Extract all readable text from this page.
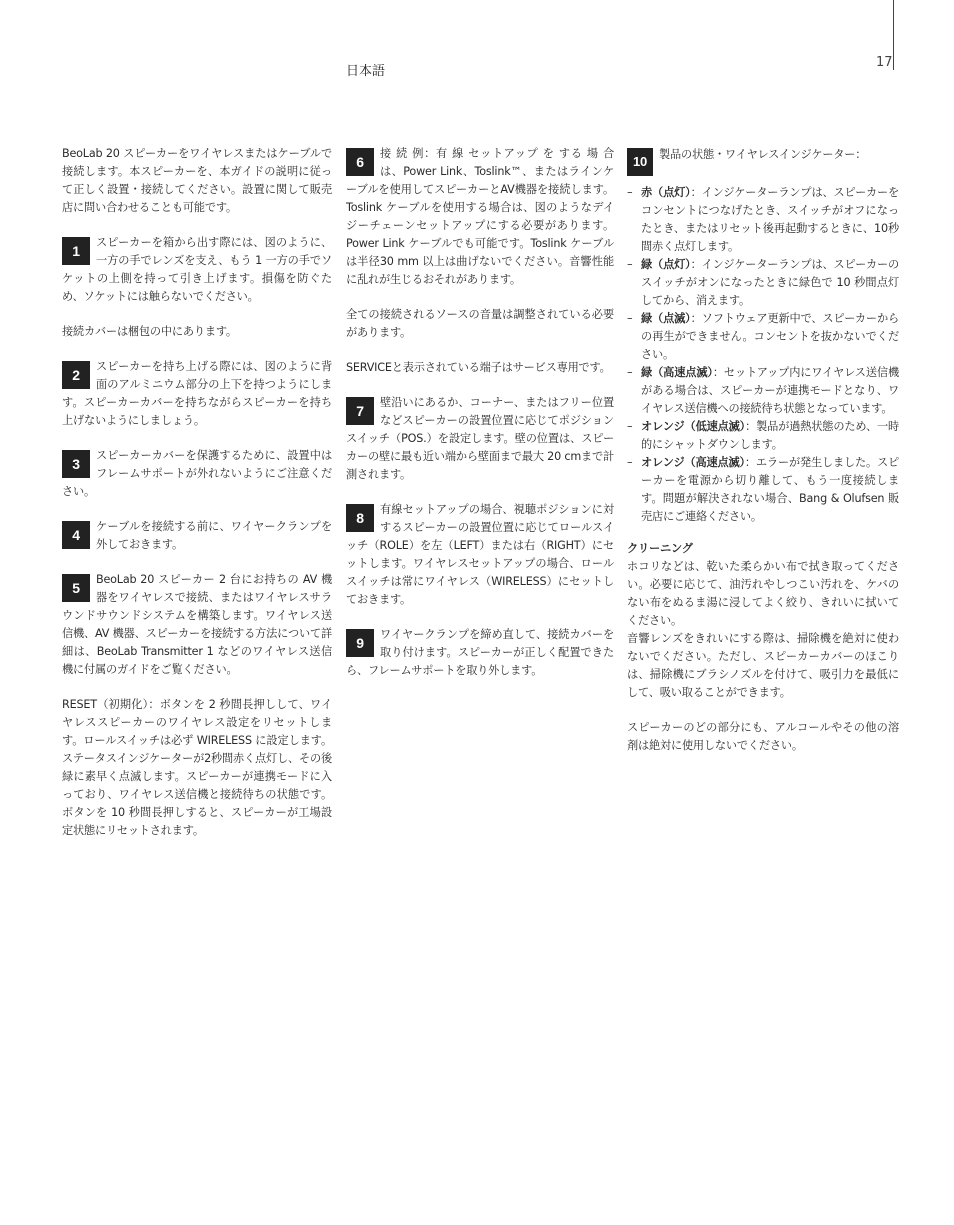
17
日本語

BeoLab 20 スピーカーをワイヤレスまたはケーブルで接続します。本スピーカーを、本ガイドの説明に従って正しく設置・接続してください。設置に関して販売店に問い合わせることも可能です。

1
スピーカーを箱から出す際には、図のように、一方の手でレンズを支え、もう 1 一方の手でソケットの上側を持って引き上げます。損傷を防ぐため、ソケットには触らないでください。

接続カバーは梱包の中にあります。

2
スピーカーを持ち上げる際には、図のように背面のアルミニウム部分の上下を持つようにします。スピーカーカバーを持ちながらスピーカーを持ち上げないようにしましょう。
3
スピーカーカバーを保護するために、設置中はフレームサポートが外れないようにご注意ください。
4
ケーブルを接続する前に、ワイヤークランプを外しておきます。
5
BeoLab 20 スピーカー 2 台にお持ちの AV 機器をワイヤレスで接続、またはワイヤレスサラウンドサウンドシステムを構築します。ワイヤレス送信機、AV 機器、スピーカーを接続する方法について詳細は、BeoLab Transmitter 1 などのワイヤレス送信機に付属のガイドをご覧ください。

RESET（初期化）：ボタンを 2 秒間長押しして、ワイヤレススピーカーのワイヤレス設定をリセットします。ロールスイッチは必ず WIRELESS に設定します。ステータスインジケーターが2秒間赤く点灯し、その後緑に素早く点滅します。スピーカーが連携モードに入っており、ワイヤレス送信機と接続待ちの状態です。ボタンを 10 秒間長押しすると、スピーカーが工場設定状態にリセットされます。

6
接 続 例：有 線 セットアップ を する 場 合は、Power Link、Toslink™、またはラインケーブルを使用してスピーカーとAV機器を接続します。Toslink ケーブルを使用する場合は、図のようなデイジーチェーンセットアップにする必要があります。Power Link ケーブルでも可能です。Toslink ケーブルは半径30 mm 以上は曲げないでください。音響性能に乱れが生じるおそれがあります。

全ての接続されるソースの音量は調整されている必要があります。

SERVICEと表示されている端子はサービス専用です。

7
壁沿いにあるか、コーナー、またはフリー位置などスピーカーの設置位置に応じてポジションスイッチ（POS.）を設定します。壁の位置は、スピーカーの壁に最も近い端から壁面まで最大 20 cmまで計測されます。
8
有線セットアップの場合、視聴ポジションに対するスピーカーの設置位置に応じてロールスイッチ（ROLE）を左（LEFT）または右（RIGHT）にセットします。ワイヤレスセットアップの場合、ロールスイッチは常にワイヤレス（WIRELESS）にセットしておきます。
9
ワイヤークランプを締め直して、接続カバーを取り付けます。スピーカーが正しく配置できたら、フレームサポートを取り外します。
10	製品の状態・ワイヤレスインジケーター：
– 赤（点灯）：インジケーターランプは、スピーカーをコンセントにつなげたとき、スイッチがオフになったとき、またはリセット後再起動するときに、10秒間赤く点灯します。
– 緑（点灯）：インジケーターランプは、スピーカーのスイッチがオンになったときに緑色で 10 秒間点灯してから、消えます。
– 緑（点滅）：ソフトウェア更新中で、スピーカーからの再生ができません。コンセントを抜かないでください。
– 緑（高速点滅）：セットアップ内にワイヤレス送信機がある場合は、スピーカーが連携モードとなり、ワイヤレス送信機への接続待ち状態となっています。
– オレンジ（低速点滅）：製品が過熱状態のため、一時的にシャットダウンします。
– オレンジ（高速点滅）：エラーが発生しました。スピーカーを電源から切り離して、もう一度接続します。問題が解決されない場合、Bang & Olufsen 販売店にご連絡ください。
クリーニング
ホコリなどは、乾いた柔らかい布で拭き取ってください。必要に応じて、油汚れやしつこい汚れを、ケバのない布をぬるま湯に浸してよく絞り、きれいに拭いてください。

音響レンズをきれいにする際は、掃除機を絶対に使わないでください。ただし、スピーカーカバーのほこりは、掃除機にブラシノズルを付けて、吸引力を最低にして、吸い取ることができます。

スピーカーのどの部分にも、アルコールやその他の溶剤は絶対に使用しないでください。
